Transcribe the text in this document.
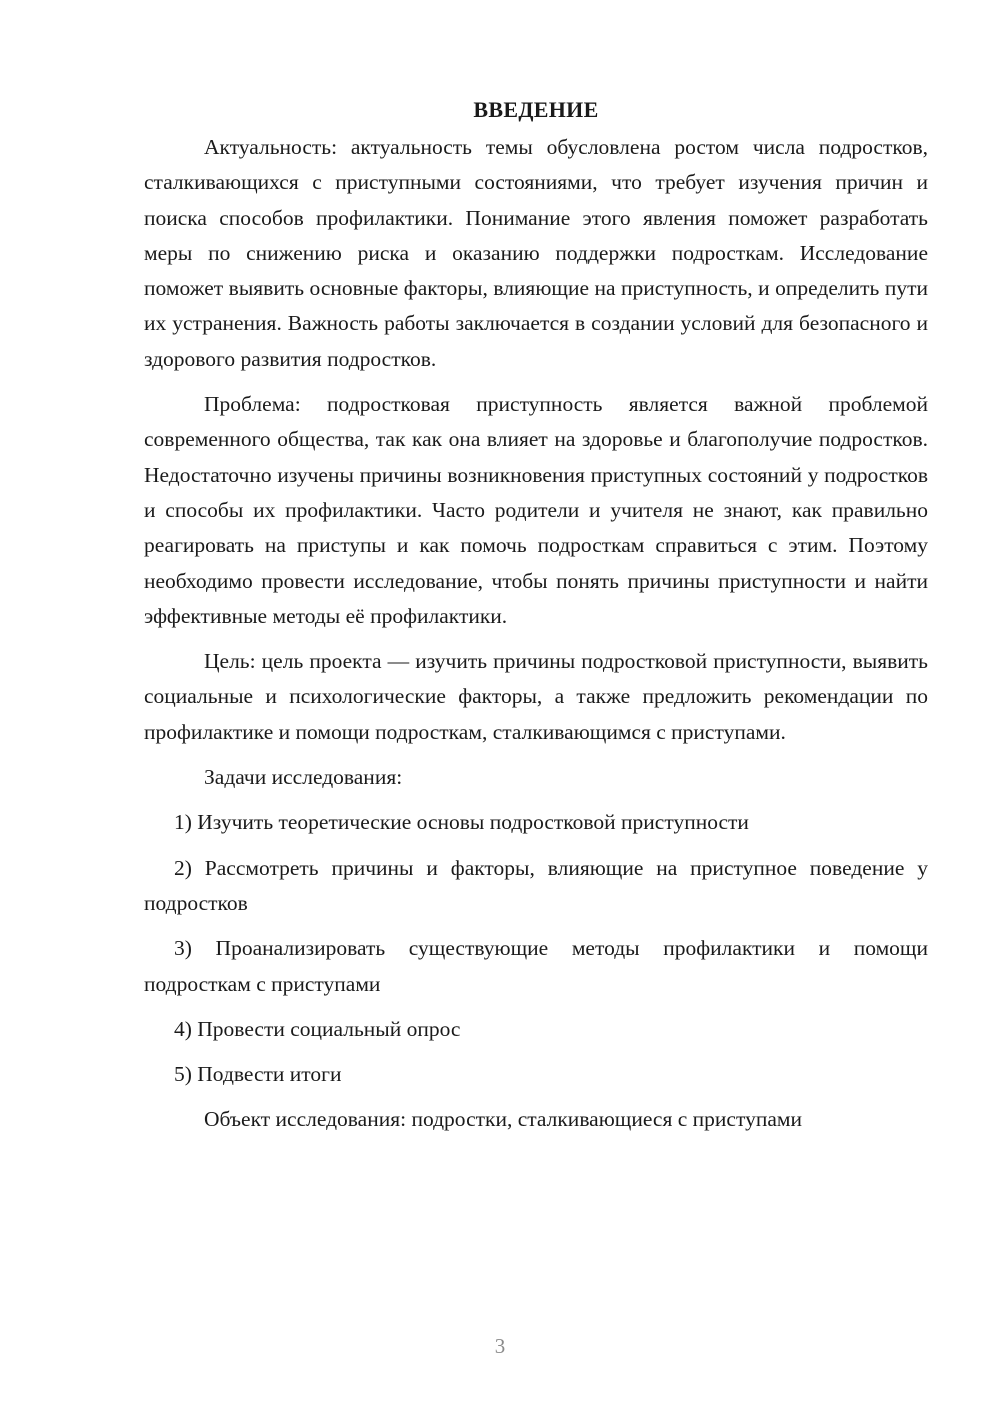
ВВЕДЕНИЕ

Актуальность: актуальность темы обусловлена ростом числа подростков, сталкивающихся с приступными состояниями, что требует изучения причин и поиска способов профилактики. Понимание этого явления поможет разработать меры по снижению риска и оказанию поддержки подросткам. Исследование поможет выявить основные факторы, влияющие на приступность, и определить пути их устранения. Важность работы заключается в создании условий для безопасного и здорового развития подростков.

Проблема: подростковая приступность является важной проблемой современного общества, так как она влияет на здоровье и благополучие подростков. Недостаточно изучены причины возникновения приступных состояний у подростков и способы их профилактики. Часто родители и учителя не знают, как правильно реагировать на приступы и как помочь подросткам справиться с этим. Поэтому необходимо провести исследование, чтобы понять причины приступности и найти эффективные методы её профилактики.

Цель: цель проекта — изучить причины подростковой приступности, выявить социальные и психологические факторы, а также предложить рекомендации по профилактике и помощи подросткам, сталкивающимся с приступами.

Задачи исследования:

1) Изучить теоретические основы подростковой приступности

2) Рассмотреть причины и факторы, влияющие на приступное поведение у подростков

3) Проанализировать существующие методы профилактики и помощи подросткам с приступами

4) Провести социальный опрос

5) Подвести итоги

Объект исследования: подростки, сталкивающиеся с приступами

3
